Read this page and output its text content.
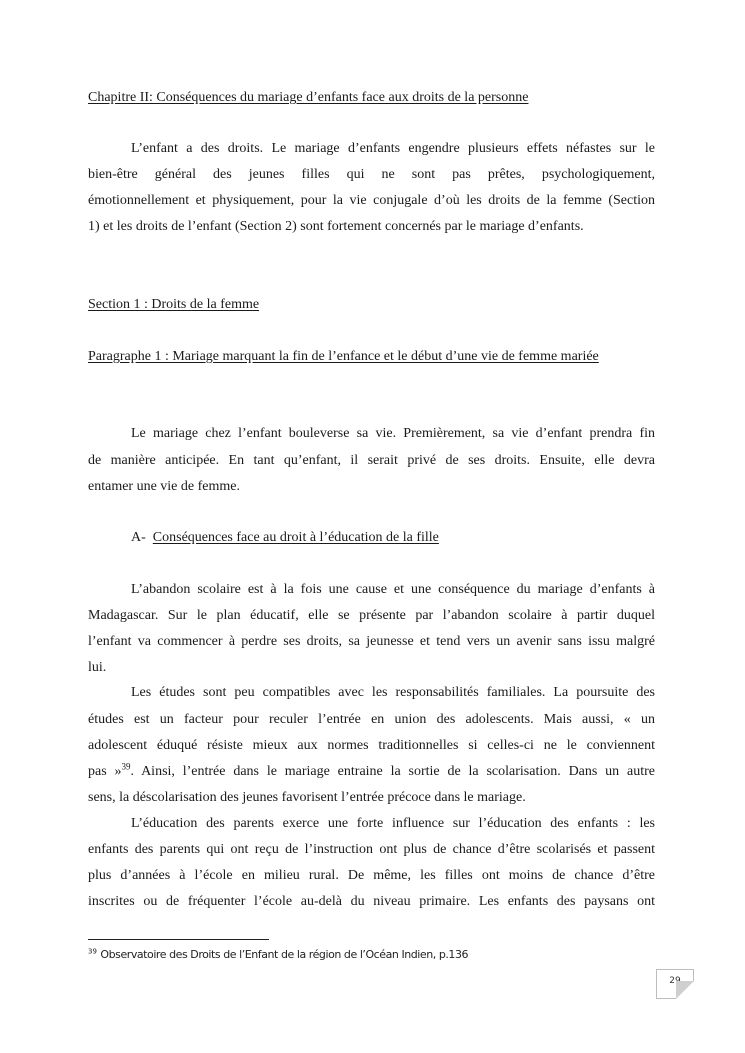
Chapitre II: Conséquences du mariage d’enfants face aux droits de la personne
L’enfant a des droits. Le mariage d’enfants engendre plusieurs effets néfastes sur le
bien-être général des jeunes filles qui ne sont pas prêtes, psychologiquement,
émotionnellement et physiquement, pour la vie conjugale d’où les droits de la femme (Section
1) et les droits de l’enfant (Section 2) sont fortement concernés par le mariage d’enfants.
Section 1 : Droits de la femme
Paragraphe 1 : Mariage marquant la fin de l’enfance et le début d’une vie de femme mariée
Le mariage chez l’enfant bouleverse sa vie. Premièrement, sa vie d’enfant prendra fin
de manière anticipée. En tant qu’enfant, il serait privé de ses droits. Ensuite, elle devra
entamer une vie de femme.
A- Conséquences face au droit à l’éducation de la fille
L’abandon scolaire est à la fois une cause et une conséquence du mariage d’enfants à
Madagascar. Sur le plan éducatif, elle se présente par l’abandon scolaire à partir duquel
l’enfant va commencer à perdre ses droits, sa jeunesse et tend vers un avenir sans issu malgré
lui.
Les études sont peu compatibles avec les responsabilités familiales. La poursuite des
études est un facteur pour reculer l’entrée en union des adolescents. Mais aussi, « un
adolescent éduqué résiste mieux aux normes traditionnelles si celles-ci ne le conviennent
pas »$^{39}$. Ainsi, l’entrée dans le mariage entraine la sortie de la scolarisation. Dans un autre
sens, la déscolarisation des jeunes favorisent l’entrée précoce dans le mariage.
L’éducation des parents exerce une forte influence sur l’éducation des enfants : les
enfants des parents qui ont reçu de l’instruction ont plus de chance d’être scolarisés et passent
plus d’années à l’école en milieu rural. De même, les filles ont moins de chance d’être
inscrites ou de fréquenter l’école au-delà du niveau primaire. Les enfants des paysans ont
$^{39}$ Observatoire des Droits de l’Enfant de la région de l’Océan Indien, p.136
29
